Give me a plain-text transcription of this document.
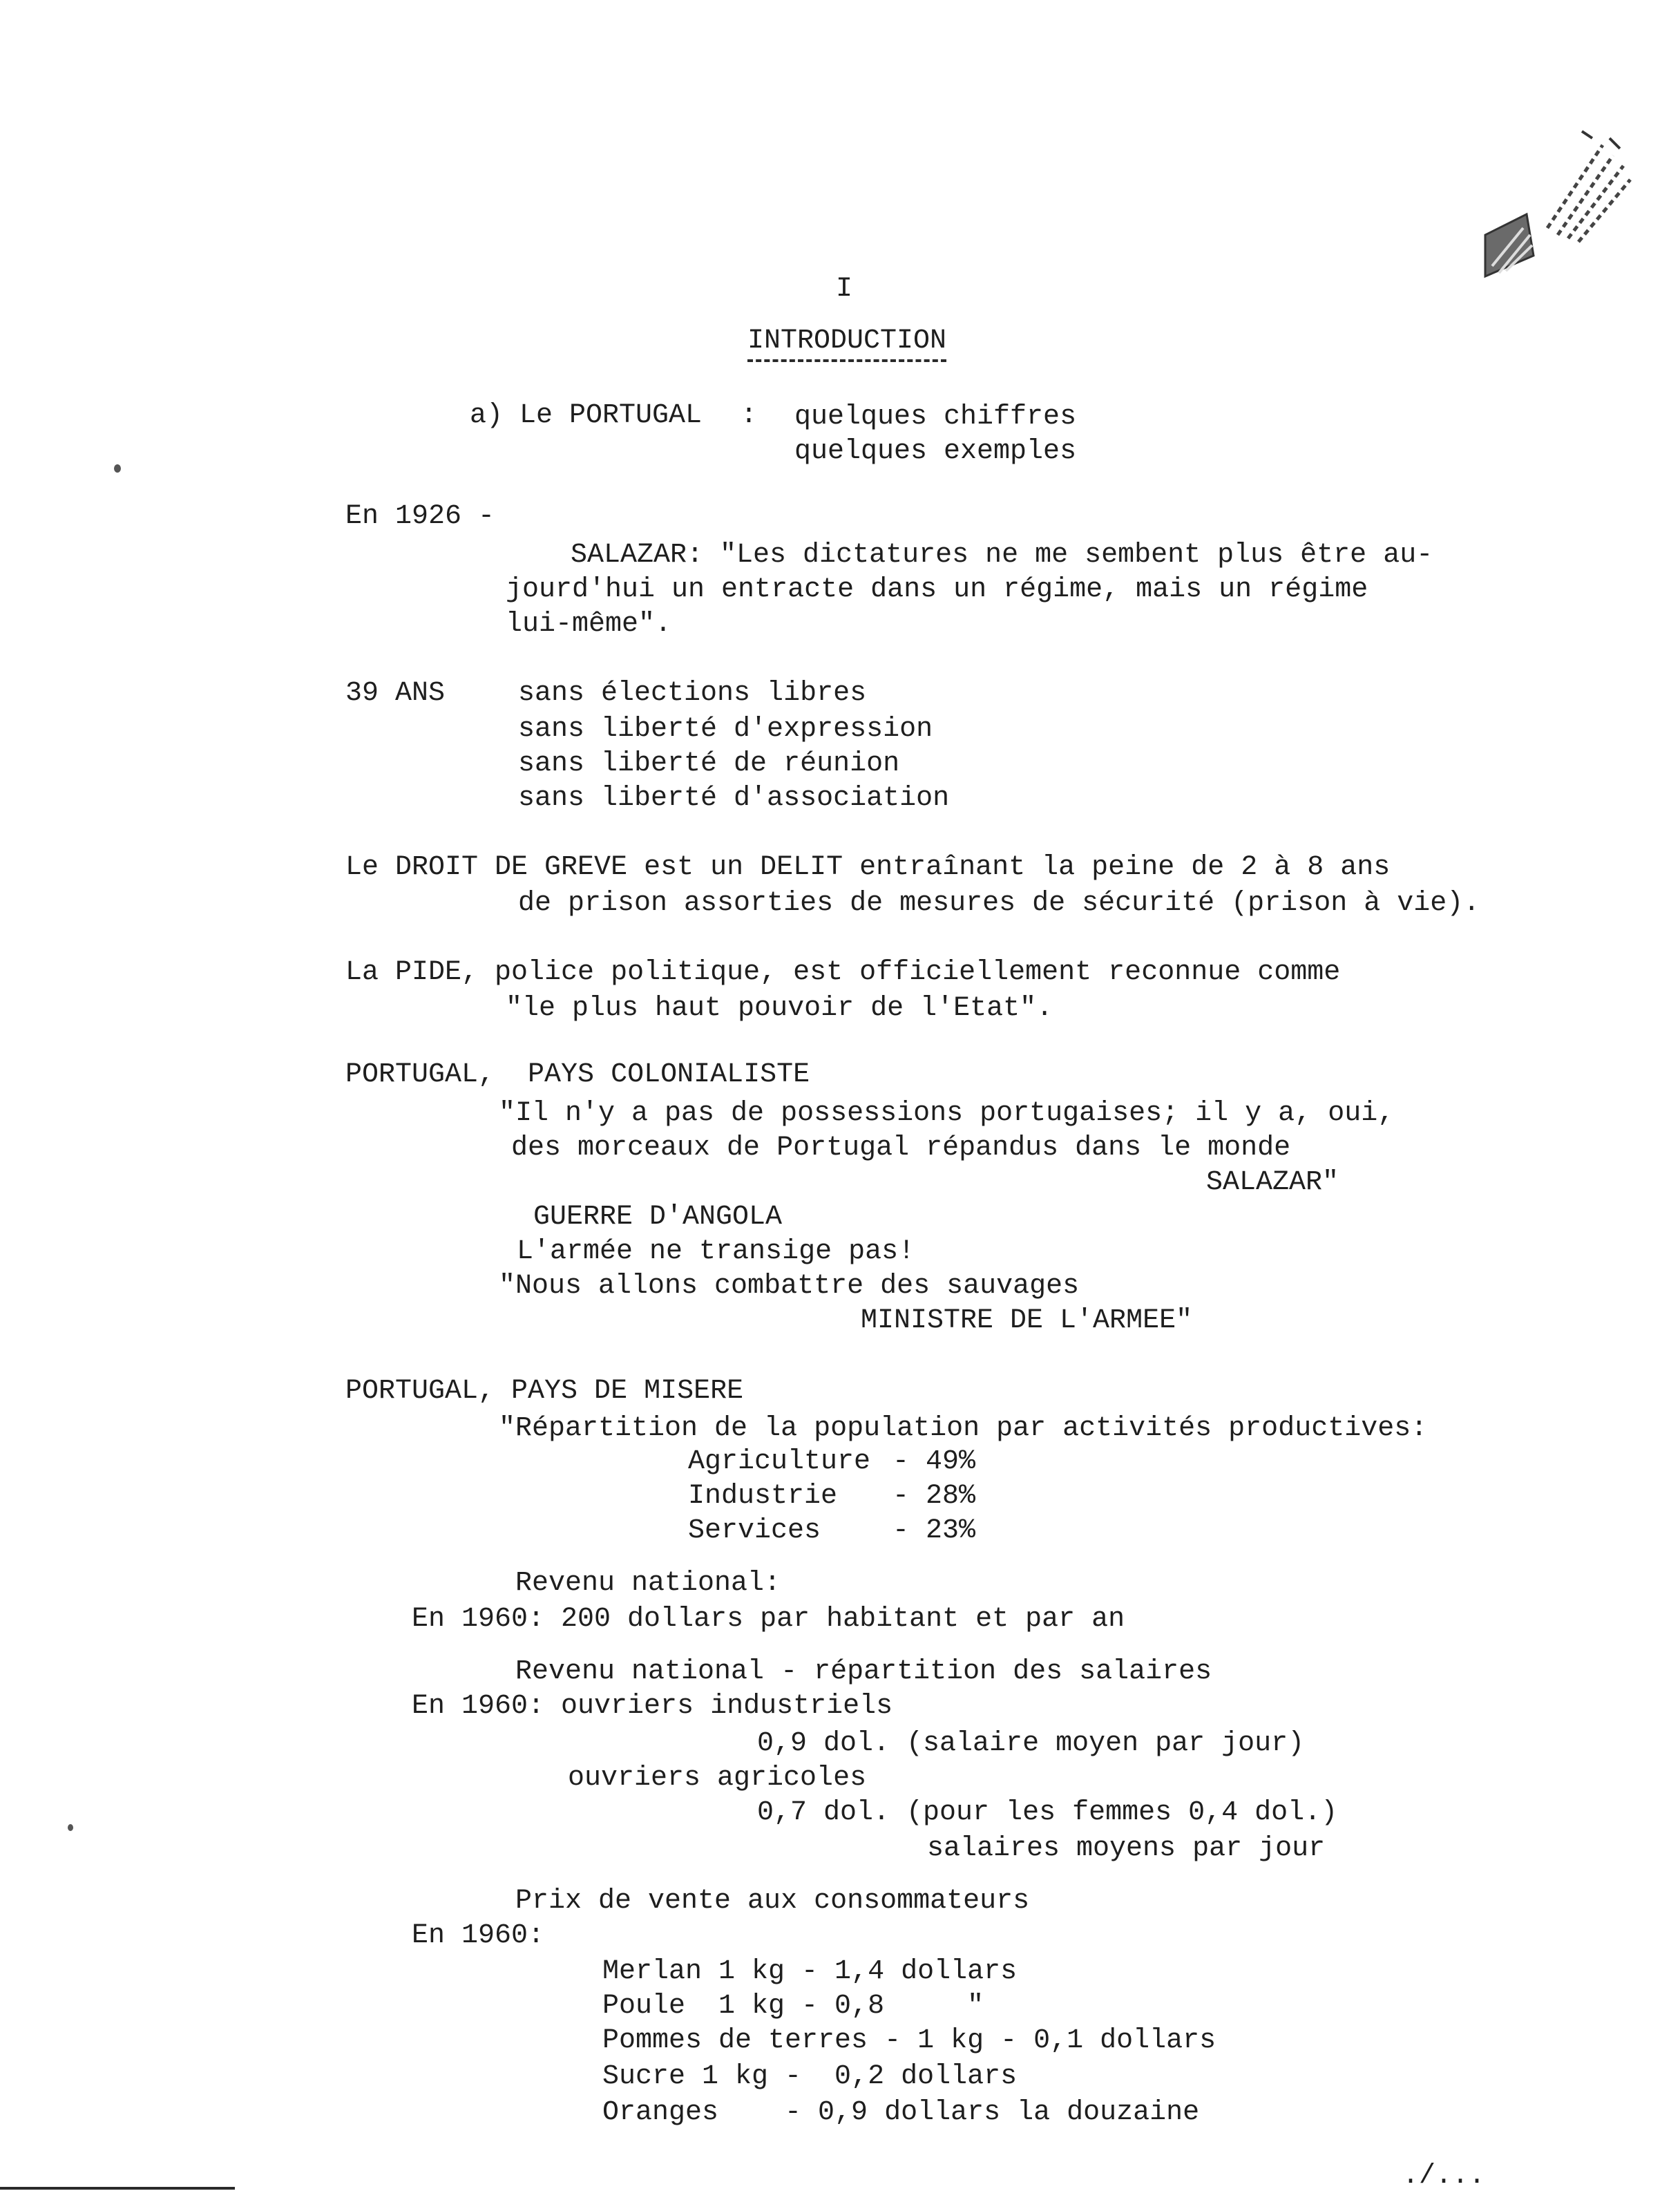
I
INTRODUCTION
a) Le PORTUGAL : quelques chiffres
quelques exemples
En 1926 -
SALAZAR: "Les dictatures ne me sembent plus être au-
jourd'hui un entracte dans un régime, mais un régime
lui-même".
39 ANS	sans élections libres
sans liberté d'expression
sans liberté de réunion
sans liberté d'association
Le DROIT DE GREVE est un DELIT entraînant la peine de 2 à 8 ans
de prison assorties de mesures de sécurité (prison à vie).
La PIDE, police politique, est officiellement reconnue comme
"le plus haut pouvoir de l'Etat".
PORTUGAL,  PAYS COLONIALISTE
"Il n'y a pas de possessions portugaises; il y a, oui,
des morceaux de Portugal répandus dans le monde
SALAZAR"
GUERRE D'ANGOLA
L'armée ne transige pas!
"Nous allons combattre des sauvages
MINISTRE DE L'ARMEE"
PORTUGAL, PAYS DE MISERE
"Répartition de la population par activités productives:
Agriculture - 49%
Industrie - 28%
Services	- 23%
Revenu national:
En 1960: 200 dollars par habitant et par an
Revenu national - répartition des salaires
En 1960: ouvriers industriels
0,9 dol. (salaire moyen par jour)
ouvriers agricoles
0,7 dol. (pour les femmes 0,4 dol.)
salaires moyens par jour
Prix de vente aux consommateurs
En 1960:
Merlan 1 kg - 1,4 dollars
Poule  1 kg - 0,8     "
Pommes de terres - 1 kg - 0,1 dollars
Sucre 1 kg -  0,2 dollars
Oranges    - 0,9 dollars la douzaine
./...
